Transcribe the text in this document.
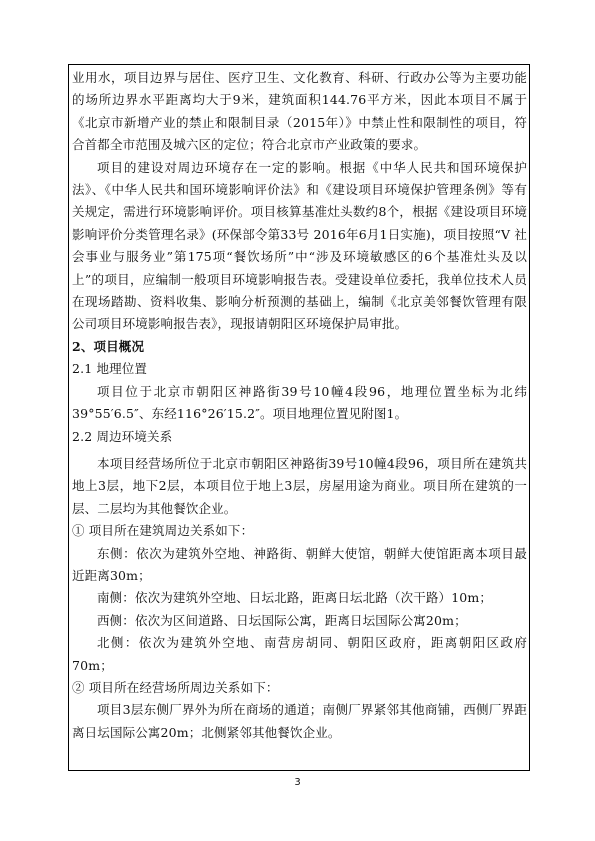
业用水，项目边界与居住、医疗卫生、文化教育、科研、行政办公等为主要功能的场所边界水平距离均大于9米，建筑面积144.76平方米，因此本项目不属于《北京市新增产业的禁止和限制目录（2015年）》中禁止性和限制性的项目，符合首都全市范围及城六区的定位；符合北京市产业政策的要求。

项目的建设对周边环境存在一定的影响。根据《中华人民共和国环境保护法》、《中华人民共和国环境影响评价法》和《建设项目环境保护管理条例》等有关规定，需进行环境影响评价。项目核算基准灶头数约8个，根据《建设项目环境影响评价分类管理名录》(环保部令第33号 2016年6月1日实施)，项目按照“V 社会事业与服务业”第175项“餐饮场所”中“涉及环境敏感区的6个基准灶头及以上”的项目，应编制一般项目环境影响报告表。受建设单位委托，我单位技术人员在现场踏勘、资料收集、影响分析预测的基础上，编制《北京美邻餐饮管理有限公司项目环境影响报告表》，现报请朝阳区环境保护局审批。

2、项目概况

2.1 地理位置

项目位于北京市朝阳区神路街39号10幢4段96，地理位置坐标为北纬39°55′6.5″、东经116°26′15.2″。项目地理位置见附图1。

2.2 周边环境关系

本项目经营场所位于北京市朝阳区神路街39号10幢4段96，项目所在建筑共地上3层，地下2层，本项目位于地上3层，房屋用途为商业。项目所在建筑的一层、二层均为其他餐饮企业。

① 项目所在建筑周边关系如下：

东侧：依次为建筑外空地、神路街、朝鲜大使馆，朝鲜大使馆距离本项目最近距离30m；

南侧：依次为建筑外空地、日坛北路，距离日坛北路（次干路）10m；

西侧：依次为区间道路、日坛国际公寓，距离日坛国际公寓20m；

北侧：依次为建筑外空地、南营房胡同、朝阳区政府，距离朝阳区政府70m；

② 项目所在经营场所周边关系如下：

项目3层东侧厂界外为所在商场的通道；南侧厂界紧邻其他商铺，西侧厂界距离日坛国际公寓20m；北侧紧邻其他餐饮企业。

3
